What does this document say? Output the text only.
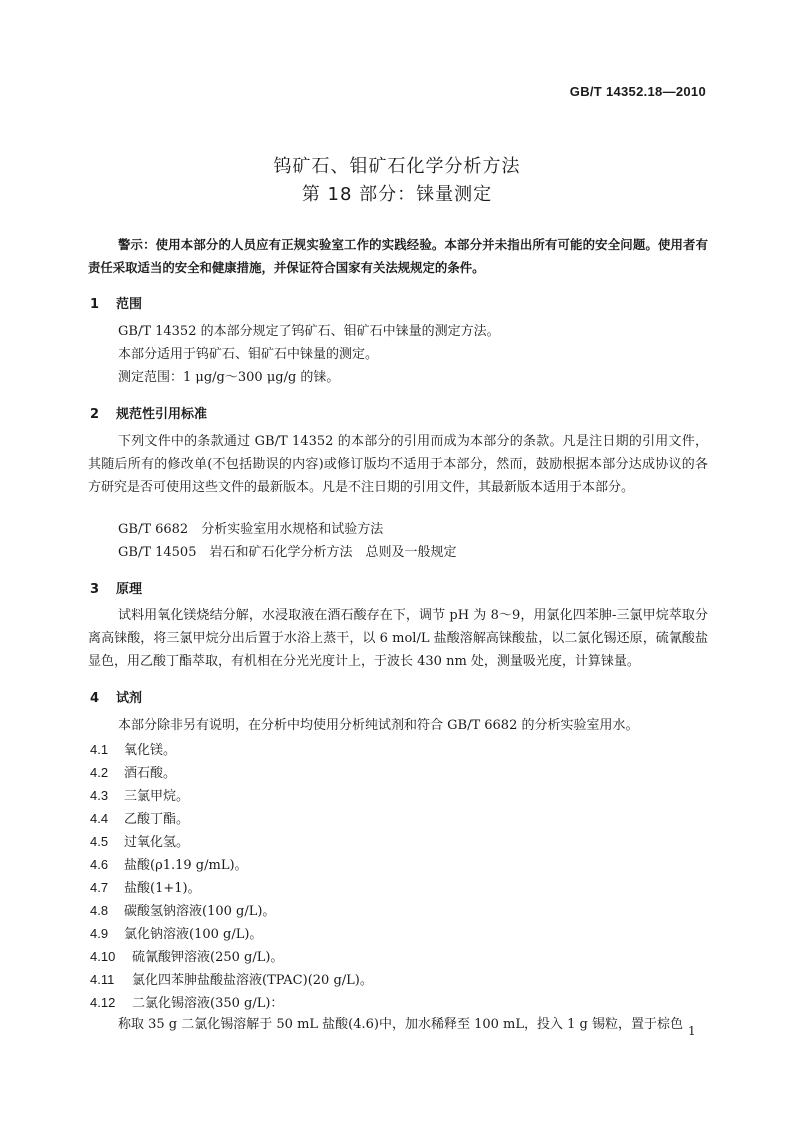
GB/T 14352.18—2010
钨矿石、钼矿石化学分析方法
第 18 部分：铼量测定
警示：使用本部分的人员应有正规实验室工作的实践经验。本部分并未指出所有可能的安全问题。使用者有责任采取适当的安全和健康措施，并保证符合国家有关法规规定的条件。
1 范围
GB/T 14352 的本部分规定了钨矿石、钼矿石中铼量的测定方法。
本部分适用于钨矿石、钼矿石中铼量的测定。
测定范围：1 μg/g～300 μg/g 的铼。
2 规范性引用标准
下列文件中的条款通过 GB/T 14352 的本部分的引用而成为本部分的条款。凡是注日期的引用文件，其随后所有的修改单(不包括勘误的内容)或修订版均不适用于本部分，然而，鼓励根据本部分达成协议的各方研究是否可使用这些文件的最新版本。凡是不注日期的引用文件，其最新版本适用于本部分。
GB/T 6682　分析实验室用水规格和试验方法
GB/T 14505　岩石和矿石化学分析方法　总则及一般规定
3 原理
试料用氧化镁烧结分解，水浸取液在酒石酸存在下，调节 pH 为 8～9，用氯化四苯胂-三氯甲烷萃取分离高铼酸，将三氯甲烷分出后置于水浴上蒸干，以 6 mol/L 盐酸溶解高铼酸盐，以二氯化锡还原，硫氰酸盐显色，用乙酸丁酯萃取，有机相在分光光度计上，于波长 430 nm 处，测量吸光度，计算铼量。
4 试剂
本部分除非另有说明，在分析中均使用分析纯试剂和符合 GB/T 6682 的分析实验室用水。
4.1 氧化镁。
4.2 酒石酸。
4.3 三氯甲烷。
4.4 乙酸丁酯。
4.5 过氧化氢。
4.6 盐酸(ρ1.19 g/mL)。
4.7 盐酸(1+1)。
4.8 碳酸氢钠溶液(100 g/L)。
4.9 氯化钠溶液(100 g/L)。
4.10 硫氰酸钾溶液(250 g/L)。
4.11 氯化四苯胂盐酸盐溶液(TPAC)(20 g/L)。
4.12 二氯化锡溶液(350 g/L)：
称取 35 g 二氯化锡溶解于 50 mL 盐酸(4.6)中，加水稀释至 100 mL，投入 1 g 锡粒，置于棕色 1
